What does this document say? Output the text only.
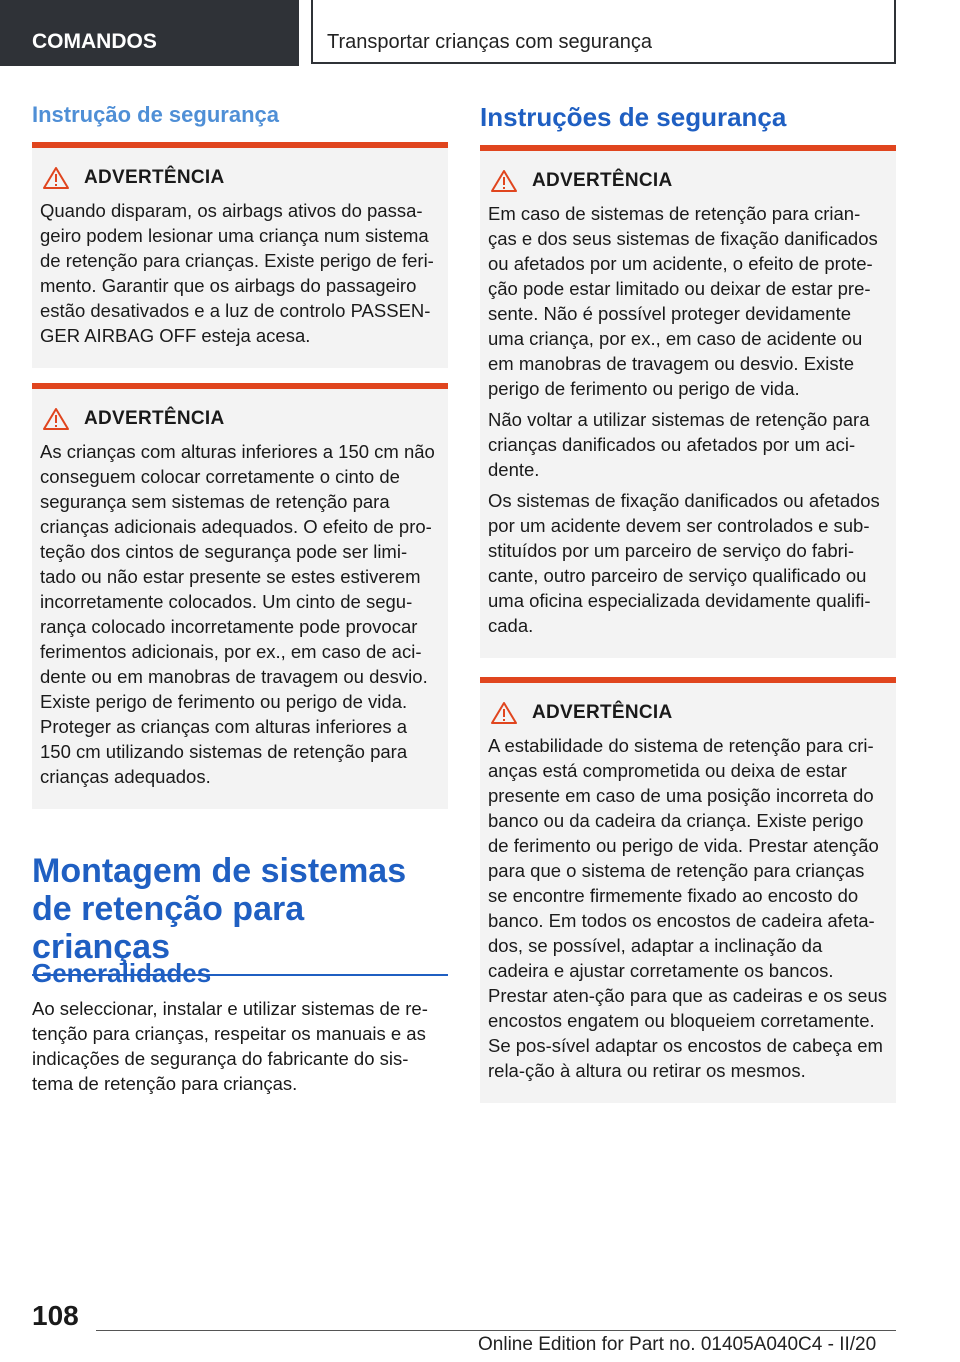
COMANDOS	Transportar crianças com segurança
Instrução de segurança
ADVERTÊNCIA

Quando disparam, os airbags ativos do passa-geiro podem lesionar uma criança num sistema de retenção para crianças. Existe perigo de feri-mento. Garantir que os airbags do passageiro estão desativados e a luz de controlo PASSEN-GER AIRBAG OFF esteja acesa.

ADVERTÊNCIA

As crianças com alturas inferiores a 150 cm não conseguem colocar corretamente o cinto de segurança sem sistemas de retenção para crianças adicionais adequados. O efeito de pro-teção dos cintos de segurança pode ser limi-tado ou não estar presente se estes estiverem incorretamente colocados. Um cinto de segu-rança colocado incorretamente pode provocar ferimentos adicionais, por ex., em caso de aci-dente ou em manobras de travagem ou desvio. Existe perigo de ferimento ou perigo de vida. Proteger as crianças com alturas inferiores a 150 cm utilizando sistemas de retenção para crianças adequados.

Montagem de sistemas de retenção para crianças
Generalidades

Ao seleccionar, instalar e utilizar sistemas de re-tenção para crianças, respeitar os manuais e as indicações de segurança do fabricante do sis-tema de retenção para crianças.

Instruções de segurança
ADVERTÊNCIA

Em caso de sistemas de retenção para crian-ças e dos seus sistemas de fixação danificados ou afetados por um acidente, o efeito de prote-ção pode estar limitado ou deixar de estar pre-sente. Não é possível proteger devidamente uma criança, por ex., em caso de acidente ou em manobras de travagem ou desvio. Existe perigo de ferimento ou perigo de vida.

Não voltar a utilizar sistemas de retenção para crianças danificados ou afetados por um aci-dente.

Os sistemas de fixação danificados ou afetados por um acidente devem ser controlados e sub-stituídos por um parceiro de serviço do fabri-cante, outro parceiro de serviço qualificado ou uma oficina especializada devidamente qualifi-cada.

ADVERTÊNCIA

A estabilidade do sistema de retenção para cri-anças está comprometida ou deixa de estar presente em caso de uma posição incorreta do banco ou da cadeira da criança. Existe perigo de ferimento ou perigo de vida. Prestar atenção para que o sistema de retenção para crianças se encontre firmemente fixado ao encosto do banco. Em todos os encostos de cadeira afeta-dos, se possível, adaptar a inclinação da cadeira e ajustar corretamente os bancos. Prestar aten-ção para que as cadeiras e os seus encostos engatem ou bloqueiem corretamente. Se pos-sível adaptar os encostos de cabeça em rela-ção à altura ou retirar os mesmos.

108
Online Edition for Part no. 01405A040C4 - II/20
